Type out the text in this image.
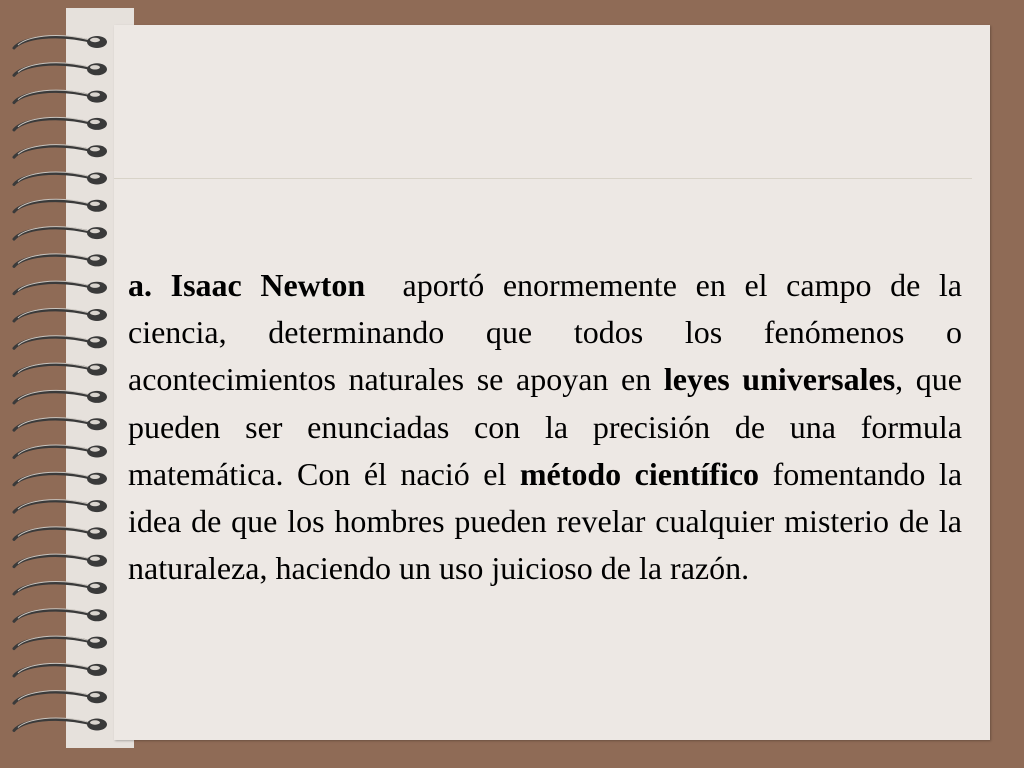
a. Isaac Newton aportó enormemente en el campo de la ciencia, determinando que todos los fenómenos o acontecimientos naturales se apoyan en leyes universales, que pueden ser enunciadas con la precisión de una formula matemática. Con él nació el método científico fomentando la idea de que los hombres pueden revelar cualquier misterio de la naturaleza, haciendo un uso juicioso de la razón.
